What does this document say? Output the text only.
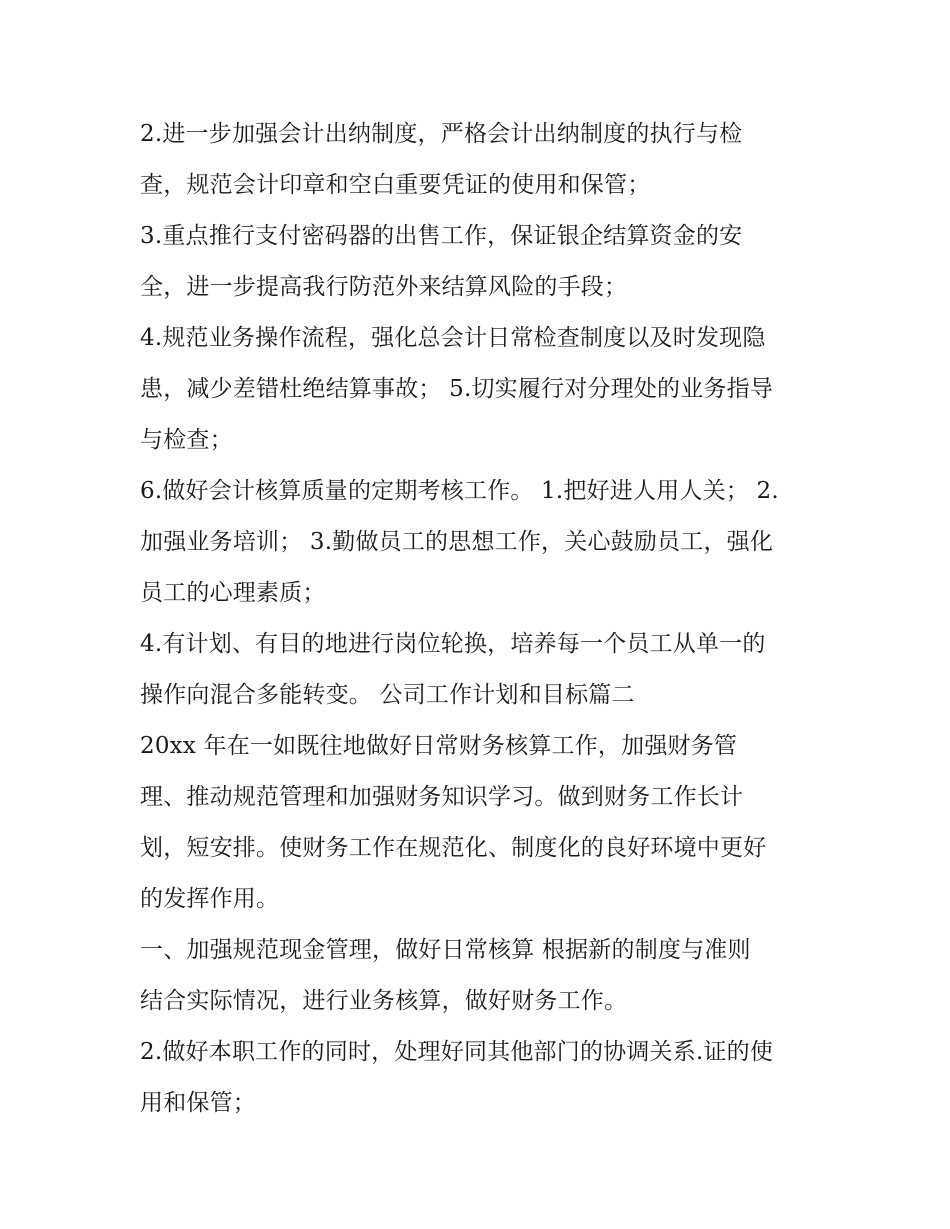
2.进一步加强会计出纳制度，严格会计出纳制度的执行与检
查，规范会计印章和空白重要凭证的使用和保管；
3.重点推行支付密码器的出售工作，保证银企结算资金的安
全，进一步提高我行防范外来结算风险的手段；
4.规范业务操作流程，强化总会计日常检查制度以及时发现隐
患，减少差错杜绝结算事故； 5.切实履行对分理处的业务指导
与检查；
6.做好会计核算质量的定期考核工作。 1.把好进人用人关； 2.
加强业务培训； 3.勤做员工的思想工作，关心鼓励员工，强化
员工的心理素质；
4.有计划、有目的地进行岗位轮换，培养每一个员工从单一的
操作向混合多能转变。 公司工作计划和目标篇二
20xx 年在一如既往地做好日常财务核算工作，加强财务管
理、推动规范管理和加强财务知识学习。做到财务工作长计
划，短安排。使财务工作在规范化、制度化的良好环境中更好
的发挥作用。
一、加强规范现金管理，做好日常核算 根据新的制度与准则
结合实际情况，进行业务核算，做好财务工作。
2.做好本职工作的同时，处理好同其他部门的协调关系.证的使
用和保管；
